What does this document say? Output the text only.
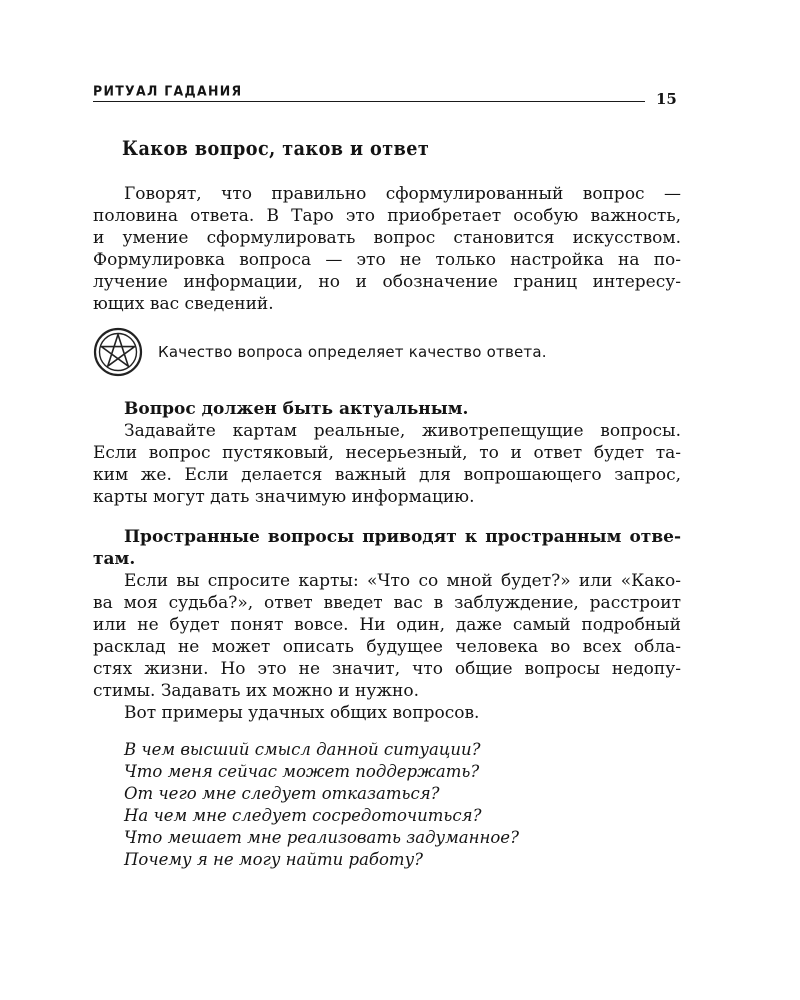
РИТУАЛ ГАДАНИЯ	15
Каков вопрос, таков и ответ
Говорят, что правильно сформулированный вопрос —
половина ответа. В Таро это приобретает особую важность,
и умение сформулировать вопрос становится искусством.
Формулировка вопроса — это не только настройка на по-
лучение информации, но и обозначение границ интересу-
ющих вас сведений.
Качество вопроса определяет качество ответа.
Вопрос должен быть актуальным.
Задавайте картам реальные, животрепещущие вопросы.
Если вопрос пустяковый, несерьезный, то и ответ будет та-
ким же. Если делается важный для вопрошающего запрос,
карты могут дать значимую информацию.
Пространные вопросы приводят к пространным отве-
там.
Если вы спросите карты: «Что со мной будет?» или «Како-
ва моя судьба?», ответ введет вас в заблуждение, расстроит
или не будет понят вовсе. Ни один, даже самый подробный
расклад не может описать будущее человека во всех обла-
стях жизни. Но это не значит, что общие вопросы недопу-
стимы. Задавать их можно и нужно.
Вот примеры удачных общих вопросов.
В чем высший смысл данной ситуации?
Что меня сейчас может поддержать?
От чего мне следует отказаться?
На чем мне следует сосредоточиться?
Что мешает мне реализовать задуманное?
Почему я не могу найти работу?
